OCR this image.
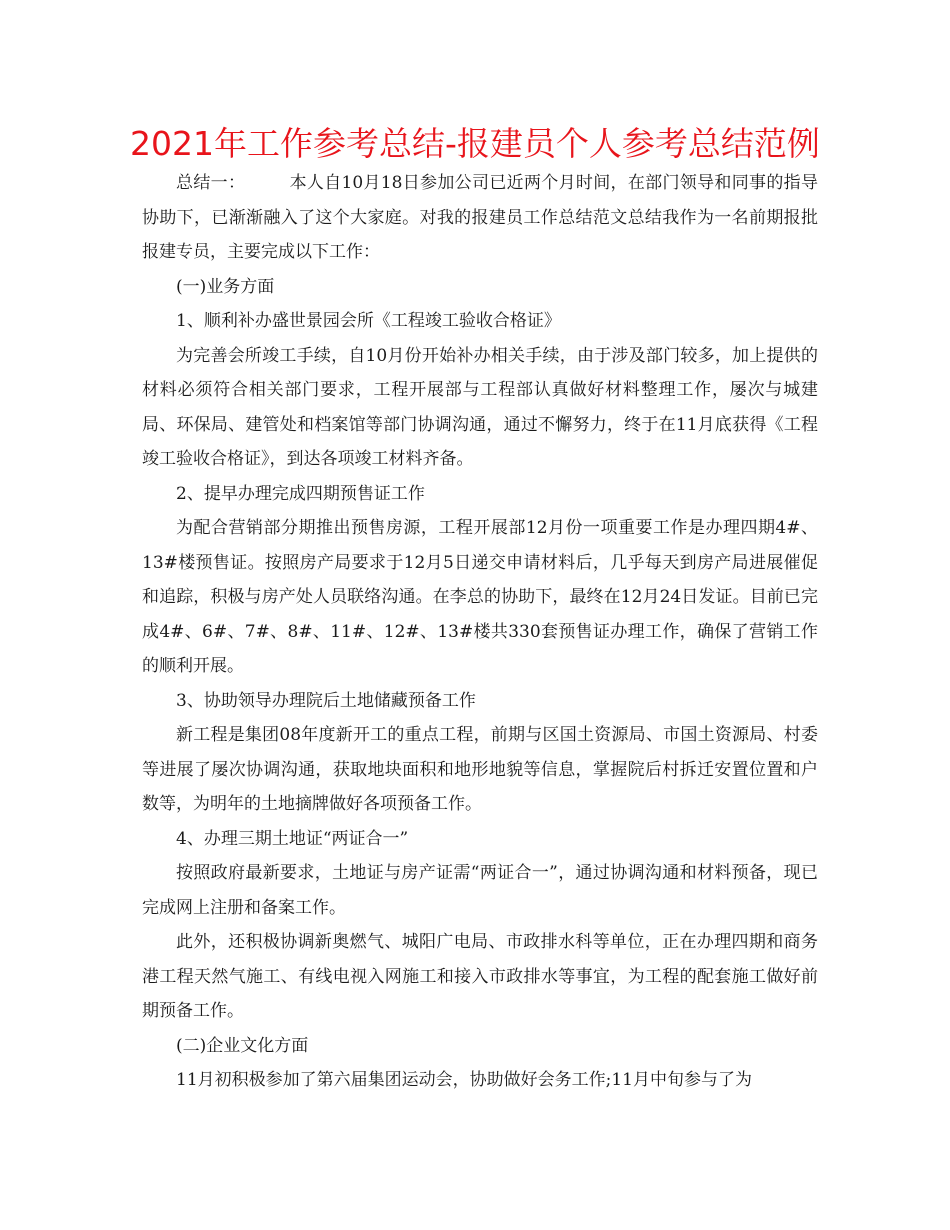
2021年工作参考总结-报建员个人参考总结范例

总结一：	本人自10月18日参加公司已近两个月时间，在部门领导和同事的指导协助下，已渐渐融入了这个大家庭。对我的报建员工作总结范文总结我作为一名前期报批报建专员，主要完成以下工作：

(一)业务方面

1、顺利补办盛世景园会所《工程竣工验收合格证》

为完善会所竣工手续，自10月份开始补办相关手续，由于涉及部门较多，加上提供的材料必须符合相关部门要求，工程开展部与工程部认真做好材料整理工作，屡次与城建局、环保局、建管处和档案馆等部门协调沟通，通过不懈努力，终于在11月底获得《工程竣工验收合格证》，到达各项竣工材料齐备。

2、提早办理完成四期预售证工作

为配合营销部分期推出预售房源，工程开展部12月份一项重要工作是办理四期4#、13#楼预售证。按照房产局要求于12月5日递交申请材料后，几乎每天到房产局进展催促和追踪，积极与房产处人员联络沟通。在李总的协助下，最终在12月24日发证。目前已完成4#、6#、7#、8#、11#、12#、13#楼共330套预售证办理工作，确保了营销工作的顺利开展。

3、协助领导办理院后土地储藏预备工作

新工程是集团08年度新开工的重点工程，前期与区国土资源局、市国土资源局、村委等进展了屡次协调沟通，获取地块面积和地形地貌等信息，掌握院后村拆迁安置位置和户数等，为明年的土地摘牌做好各项预备工作。

4、办理三期土地证“两证合一”

按照政府最新要求，土地证与房产证需“两证合一”，通过协调沟通和材料预备，现已完成网上注册和备案工作。

此外，还积极协调新奥燃气、城阳广电局、市政排水科等单位，正在办理四期和商务港工程天然气施工、有线电视入网施工和接入市政排水等事宜，为工程的配套施工做好前期预备工作。

(二)企业文化方面

11月初积极参加了第六届集团运动会，协助做好会务工作;11月中旬参与了为
